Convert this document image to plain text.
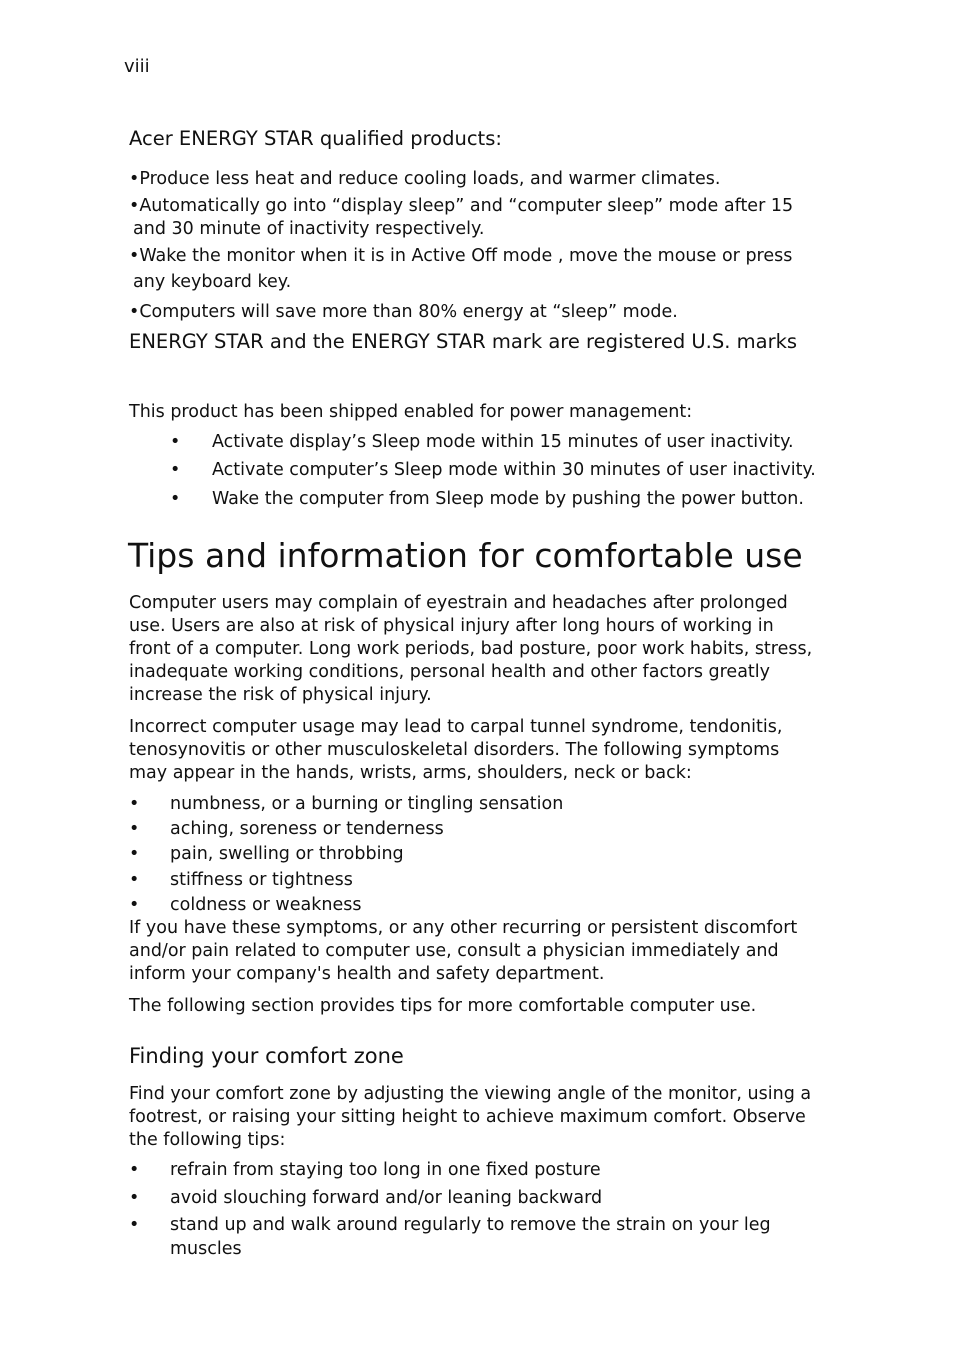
viii
Acer ENERGY STAR qualified products:
•Produce less heat and reduce cooling loads, and warmer climates.
•Automatically go into “display sleep” and “computer sleep” mode after 15
and 30 minute of inactivity respectively.
•Wake the monitor when it is in Active Off mode , move the mouse or press
any keyboard key.
•Computers will save more than 80% energy at “sleep” mode.
ENERGY STAR and the ENERGY STAR mark are registered U.S. marks
This product has been shipped enabled for power management:
• Activate display’s Sleep mode within 15 minutes of user inactivity.
• Activate computer’s Sleep mode within 30 minutes of user inactivity.
• Wake the computer from Sleep mode by pushing the power button.
Tips and information for comfortable use
Computer users may complain of eyestrain and headaches after prolonged use. Users are also at risk of physical injury after long hours of working in front of a computer. Long work periods, bad posture, poor work habits, stress, inadequate working conditions, personal health and other factors greatly increase the risk of physical injury.
Incorrect computer usage may lead to carpal tunnel syndrome, tendonitis, tenosynovitis or other musculoskeletal disorders. The following symptoms may appear in the hands, wrists, arms, shoulders, neck or back:
• numbness, or a burning or tingling sensation
• aching, soreness or tenderness
• pain, swelling or throbbing
• stiffness or tightness
• coldness or weakness
If you have these symptoms, or any other recurring or persistent discomfort and/or pain related to computer use, consult a physician immediately and inform your company's health and safety department.
The following section provides tips for more comfortable computer use.
Finding your comfort zone
Find your comfort zone by adjusting the viewing angle of the monitor, using a footrest, or raising your sitting height to achieve maximum comfort. Observe the following tips:
• refrain from staying too long in one fixed posture
• avoid slouching forward and/or leaning backward
• stand up and walk around regularly to remove the strain on your leg
muscles
